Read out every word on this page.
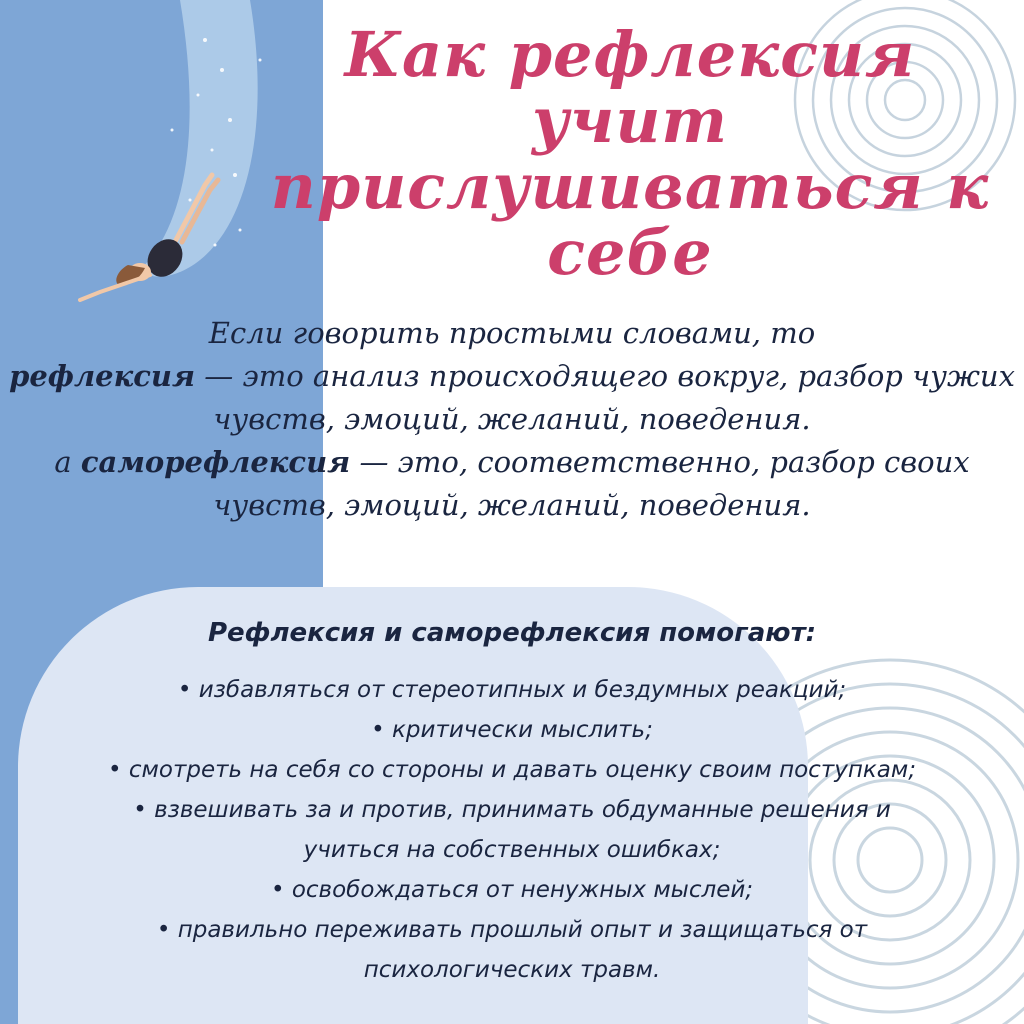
Как рефлексия
учит
прислушиваться к
себе

Если говорить простыми словами, то

рефлексия — это анализ происходящего вокруг, разбор чужих

чувств, эмоций, желаний, поведения.

а саморефлексия — это, соответственно, разбор своих

чувств, эмоций, желаний, поведения.

Рефлексия и саморефлексия помогают:
• избавляться от стереотипных и бездумных реакций;
• критически мыслить;
• смотреть на себя со стороны и давать оценку своим поступкам;
• взвешивать за и против, принимать обдуманные решения и
учиться на собственных ошибках;
• освобождаться от ненужных мыслей;
• правильно переживать прошлый опыт и защищаться от
психологических травм.
